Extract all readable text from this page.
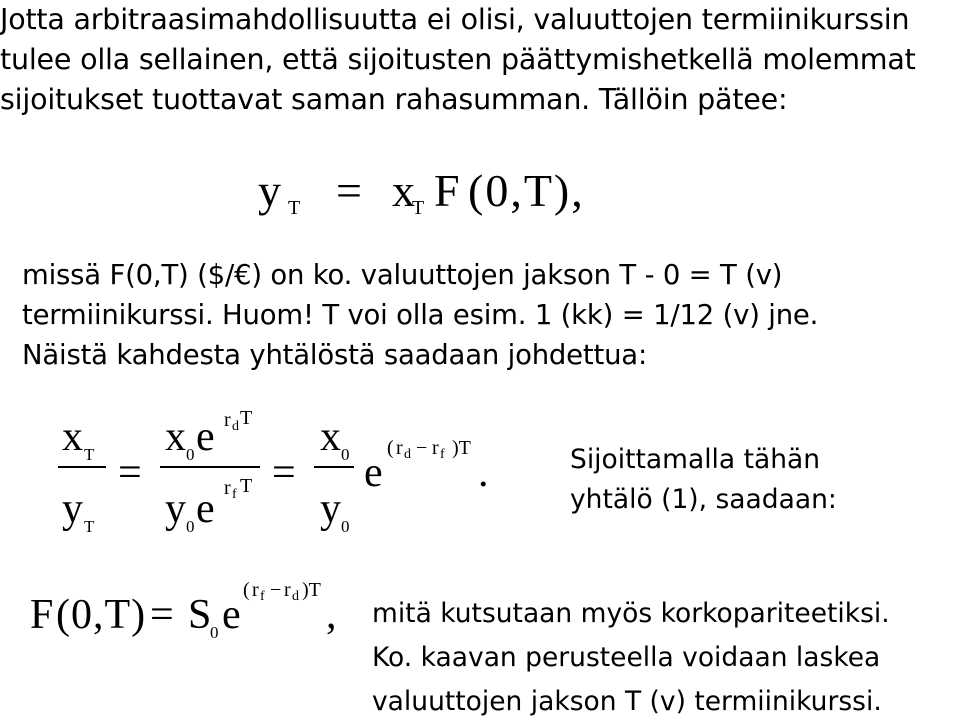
Jotta arbitraasimahdollisuutta ei olisi, valuuttojen termiinikurssin
tulee olla sellainen, että sijoitusten päättymishetkellä molemmat
sijoitukset tuottavat saman rahasumman. Tällöin pätee:
y T = x
T F (0,T),
missä F(0,T) ($/€) on ko. valuuttojen jakson T - 0 = T (v)
termiinikurssi. Huom! T voi olla esim. 1 (kk) = 1/12 (v) jne.
Näistä kahdesta yhtälöstä saadaan johdettua:
x T
y T
=
x 0 e r d T
y 0 e r f T =
x 0
y 0
e
( r d − r f )T
.	Sijoittamalla tähän
yhtälö (1), saadaan:
F (0,T) = S
0 e
( r f − r d )T
, mitä kutsutaan myös korkopariteetiksi.
Ko. kaavan perusteella voidaan laskea
valuuttojen jakson T (v) termiinikurssi.
